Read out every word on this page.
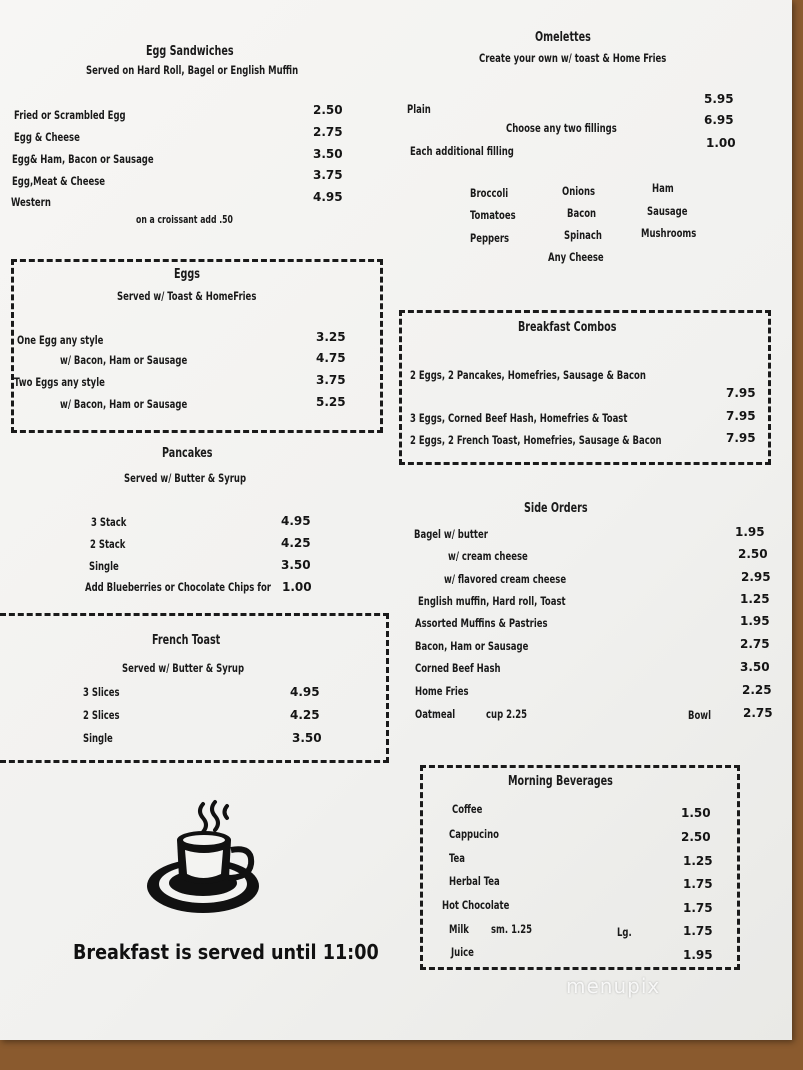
Egg Sandwiches
Served on Hard Roll, Bagel or English Muffin
Fried or Scrambled Egg	2.50
Egg & Cheese	2.75
Egg& Ham, Bacon or Sausage	3.50
Egg,Meat & Cheese	3.75
Western	4.95
on a croissant add .50
Eggs
Served w/ Toast & HomeFries
One Egg any style	3.25
w/ Bacon, Ham or Sausage	4.75
Two Eggs any style	3.75
w/ Bacon, Ham or Sausage	5.25
Pancakes
Served w/ Butter & Syrup
3 Stack	4.95
2 Stack	4.25
Single	3.50
Add Blueberries or Chocolate Chips for 1.00
French Toast
Served w/ Butter & Syrup
3 Slices	4.95
2 Slices	4.25
Single	3.50
Omelettes
Create your own w/ toast & Home Fries
Plain
5.95
Choose any two fillings
6.95
Each additional filling
1.00
Broccoli	Onions	Ham
Tomatoes	Bacon	Sausage
Peppers	Spinach	Mushrooms
Any Cheese
Breakfast Combos
2 Eggs, 2 Pancakes, Homefries, Sausage & Bacon
7.95
3 Eggs, Corned Beef Hash, Homefries & Toast	7.95
2 Eggs, 2 French Toast, Homefries, Sausage & Bacon	7.95
Side Orders
Bagel w/ butter	1.95
w/ cream cheese	2.50
w/ flavored cream cheese	2.95
English muffin, Hard roll, Toast	1.25
Assorted Muffins & Pastries	1.95
Bacon, Ham or Sausage	2.75
Corned Beef Hash	3.50
Home Fries	2.25
Oatmeal	cup 2.25	Bowl	2.75
Morning Beverages
Coffee	1.50
Cappucino	2.50
Tea	1.25
Herbal Tea	1.75
Hot Chocolate	1.75
Milk sm. 1.25	Lg.	1.75
Juice	1.95
Breakfast is served until 11:00
menupix
